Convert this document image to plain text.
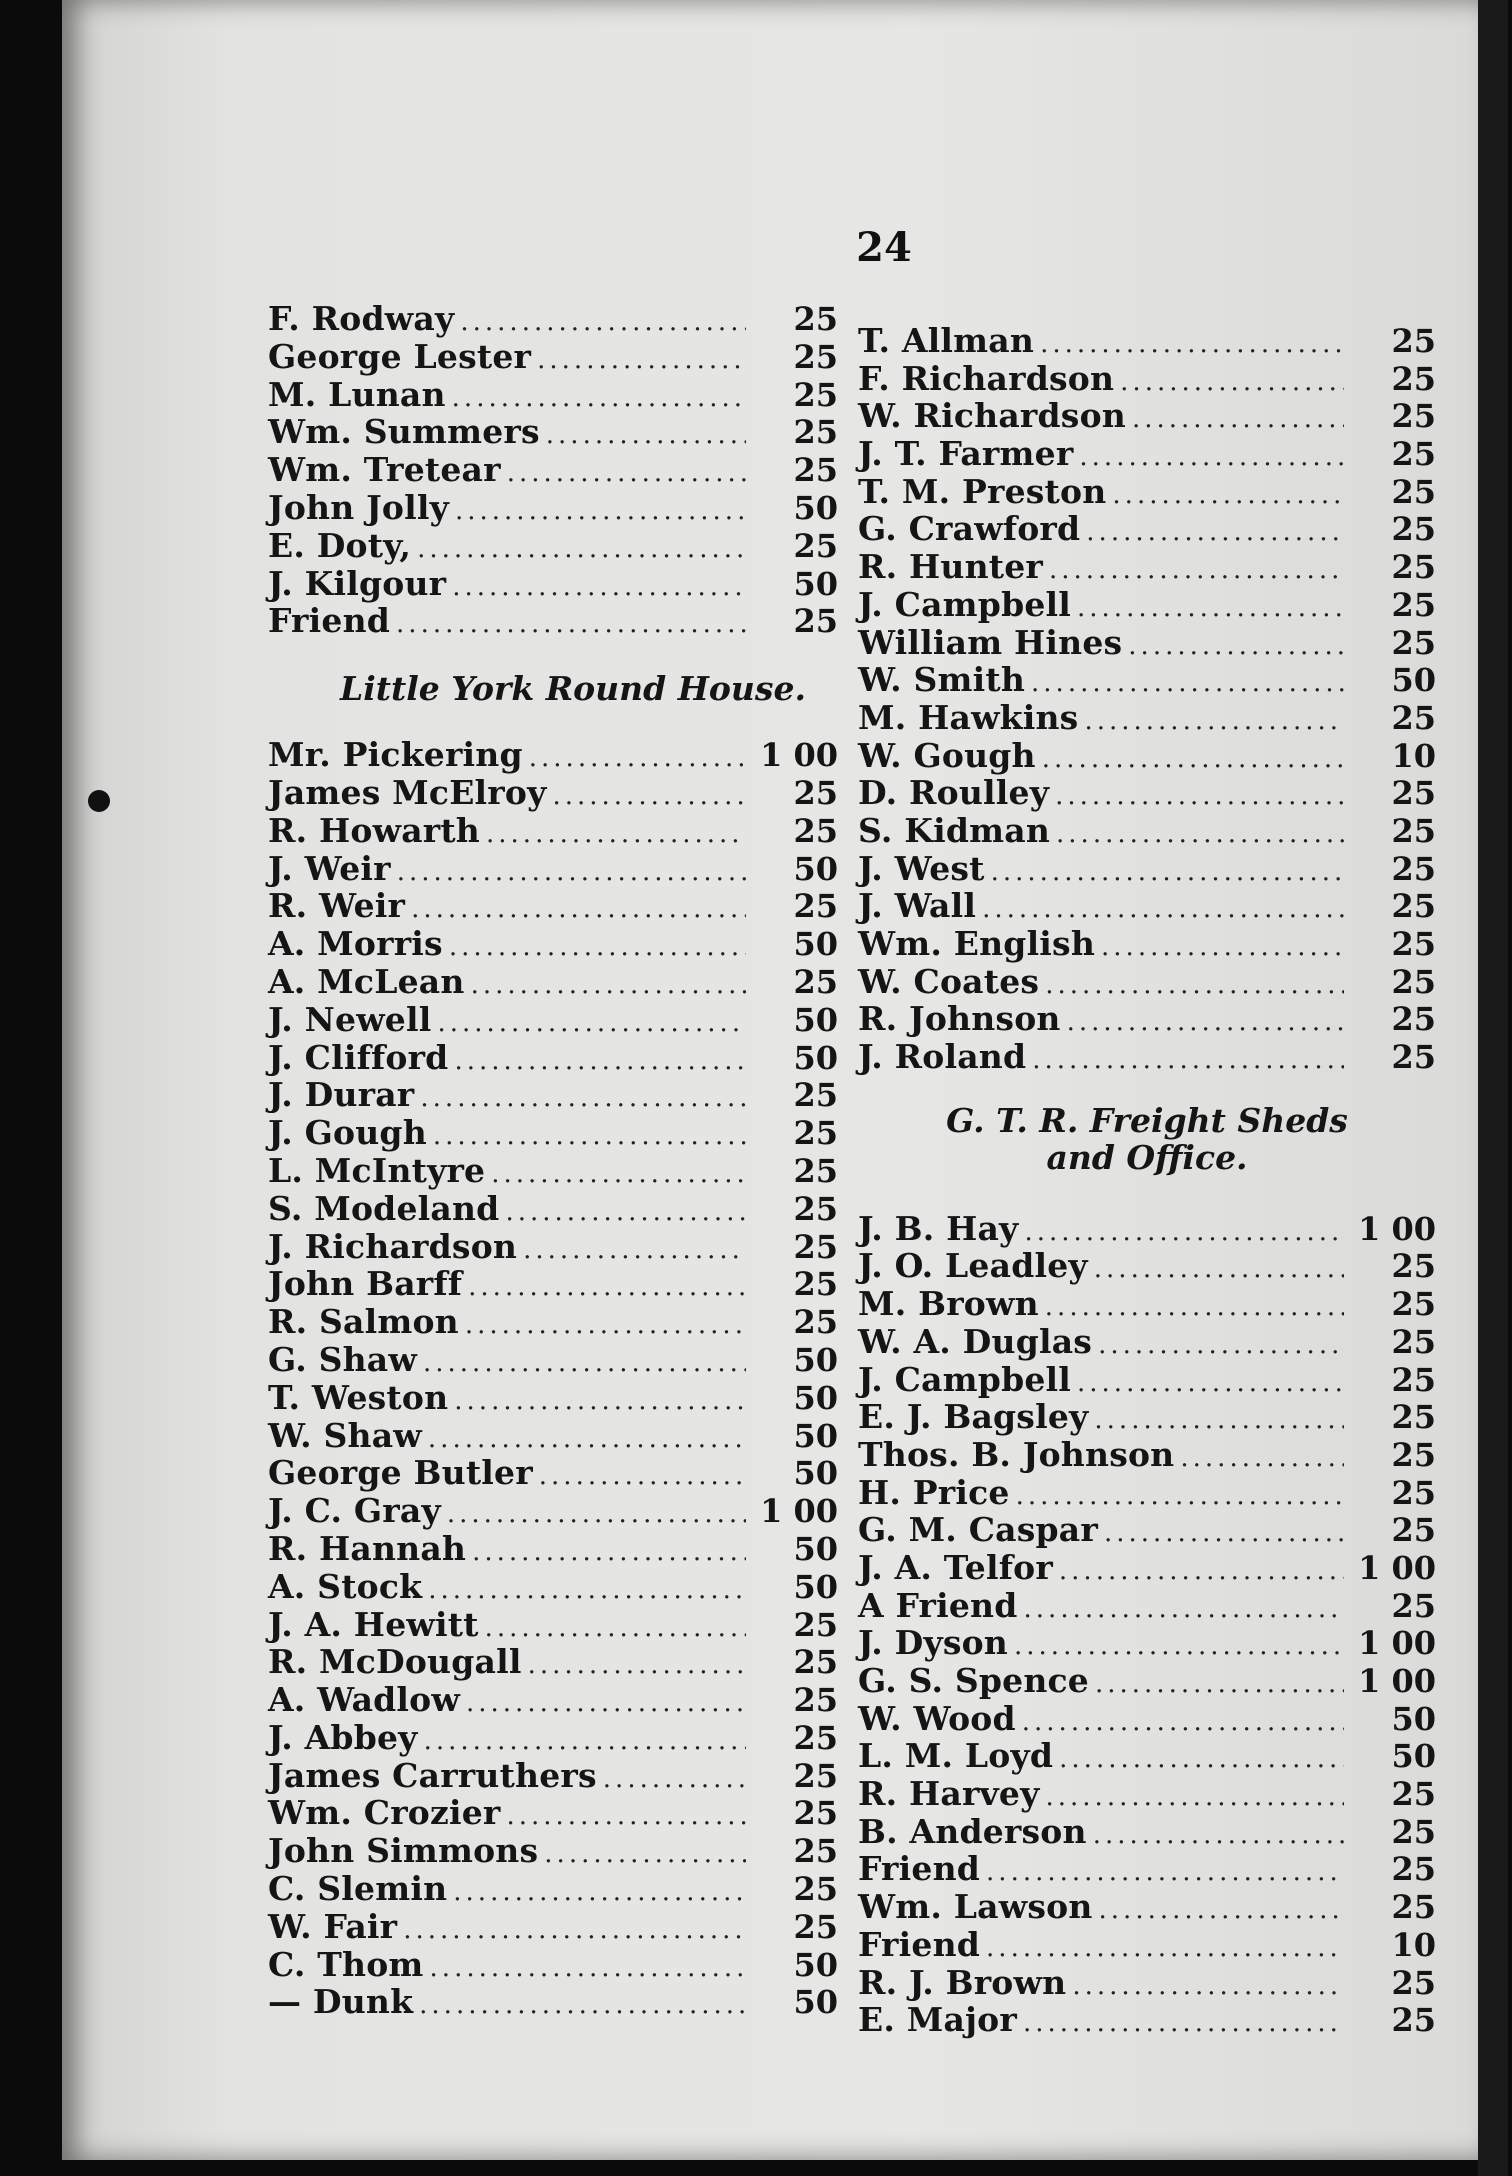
24
F. Rodway .....	25
George Lester .....	25
M. Lunan .....	25
Wm. Summers .....	25
Wm. Tretear .....	25
John Jolly .....	50
E. Doty, .....	25
J. Kilgour .....	50
Friend .....	25
Little York Round House.
Mr. Pickering .....	1 00
James McElroy .....	25
R. Howarth .....	25
J. Weir .....	50
R. Weir .....	25
A. Morris .....	50
A. McLean .....	25
J. Newell .....	50
J. Clifford .....	50
J. Durar .....	25
J. Gough .....	25
L. McIntyre .....	25
S. Modeland .....	25
J. Richardson .....	25
John Barff .....	25
R. Salmon .....	25
G. Shaw .....	50
T. Weston .....	50
W. Shaw .....	50
George Butler .....	50
J. C. Gray .....	1 00
R. Hannah .....	50
A. Stock .....	50
J. A. Hewitt .....	25
R. McDougall .....	25
A. Wadlow .....	25
J. Abbey .....	25
James Carruthers .....	25
Wm. Crozier .....	25
John Simmons .....	25
C. Slemin .....	25
W. Fair .....	25
C. Thom .....	50
— Dunk .....	50
T. Allman .....	25
F. Richardson .....	25
W. Richardson .....	25
J. T. Farmer .....	25
T. M. Preston .....	25
G. Crawford .....	25
R. Hunter .....	25
J. Campbell .....	25
William Hines .....	25
W. Smith .....	50
M. Hawkins .....	25
W. Gough .....	10
D. Roulley .....	25
S. Kidman .....	25
J. West .....	25
J. Wall .....	25
Wm. English .....	25
W. Coates .....	25
R. Johnson .....	25
J. Roland .....	25
G. T. R. Freight Sheds
and Office.
J. B. Hay .....	1 00
J. O. Leadley .....	25
M. Brown .....	25
W. A. Duglas .....	25
J. Campbell .....	25
E. J. Bagsley .....	25
Thos. B. Johnson .....	25
H. Price .....	25
G. M. Caspar .....	25
J. A. Telfor .....	1 00
A Friend .....	25
J. Dyson .....	1 00
G. S. Spence .....	1 00
W. Wood .....	50
L. M. Loyd .....	50
R. Harvey .....	25
B. Anderson .....	25
Friend .....	25
Wm. Lawson .....	25
Friend .....	10
R. J. Brown .....	25
E. Major .....	25
